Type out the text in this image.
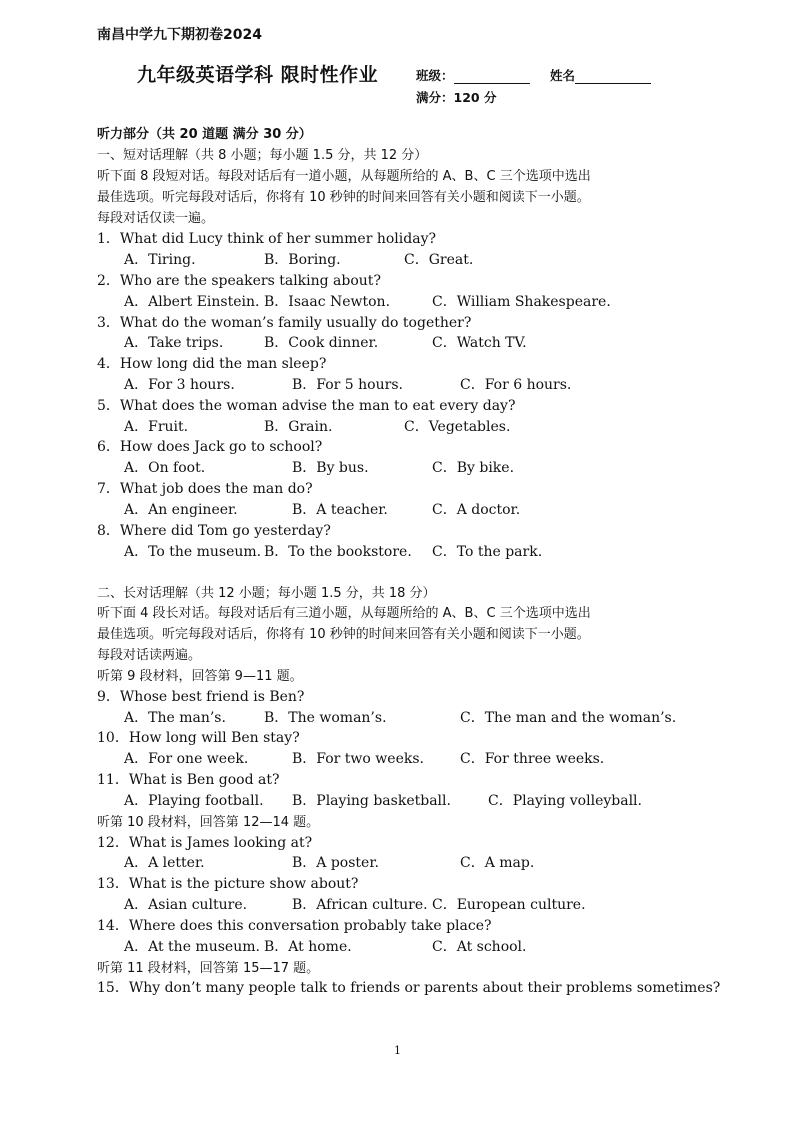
南昌中学九下期初卷2024
九年级英语学科 限时性作业	班级：	姓名
满分：120 分
听力部分（共 20 道题 满分 30 分）
一、短对话理解（共 8 小题；每小题 1.5 分，共 12 分）
听下面 8 段短对话。每段对话后有一道小题，从每题所给的 A、B、C 三个选项中选出
最佳选项。听完每段对话后，你将有 10 秒钟的时间来回答有关小题和阅读下一小题。
每段对话仅读一遍。
1．What did Lucy think of her summer holiday?
A．Tiring.	B．Boring.	C．Great.
2．Who are the speakers talking about?
A．Albert Einstein. B．Isaac Newton.	C．William Shakespeare.
3．What do the woman’s family usually do together?
A．Take trips.	B．Cook dinner.	C．Watch TV.
4．How long did the man sleep?
A．For 3 hours.	B．For 5 hours.	C．For 6 hours.
5．What does the woman advise the man to eat every day?
A．Fruit.	B．Grain.	C．Vegetables.
6．How does Jack go to school?
A．On foot.	B．By bus.	C．By bike.
7．What job does the man do?
A．An engineer.	B．A teacher.	C．A doctor.
8．Where did Tom go yesterday?
A．To the museum. B．To the bookstore. C．To the park.
二、长对话理解（共 12 小题；每小题 1.5 分，共 18 分）
听下面 4 段长对话。每段对话后有三道小题，从每题所给的 A、B、C 三个选项中选出
最佳选项。听完每段对话后，你将有 10 秒钟的时间来回答有关小题和阅读下一小题。
每段对话读两遍。
听第 9 段材料，回答第 9—11 题。
9．Whose best friend is Ben?
A．The man’s.	B．The woman’s.	C．The man and the woman’s.
10．How long will Ben stay?
A．For one week.	B．For two weeks.	C．For three weeks.
11．What is Ben good at?
A．Playing football. B．Playing basketball.	C．Playing volleyball.
听第 10 段材料，回答第 12—14 题。
12．What is James looking at?
A．A letter.	B．A poster.	C．A map.
13．What is the picture show about?
A．Asian culture.	B．African culture. C．European culture.
14．Where does this conversation probably take place?
A．At the museum. B．At home.	C．At school.
听第 11 段材料，回答第 15—17 题。
15．Why don’t many people talk to friends or parents about their problems sometimes?
1
